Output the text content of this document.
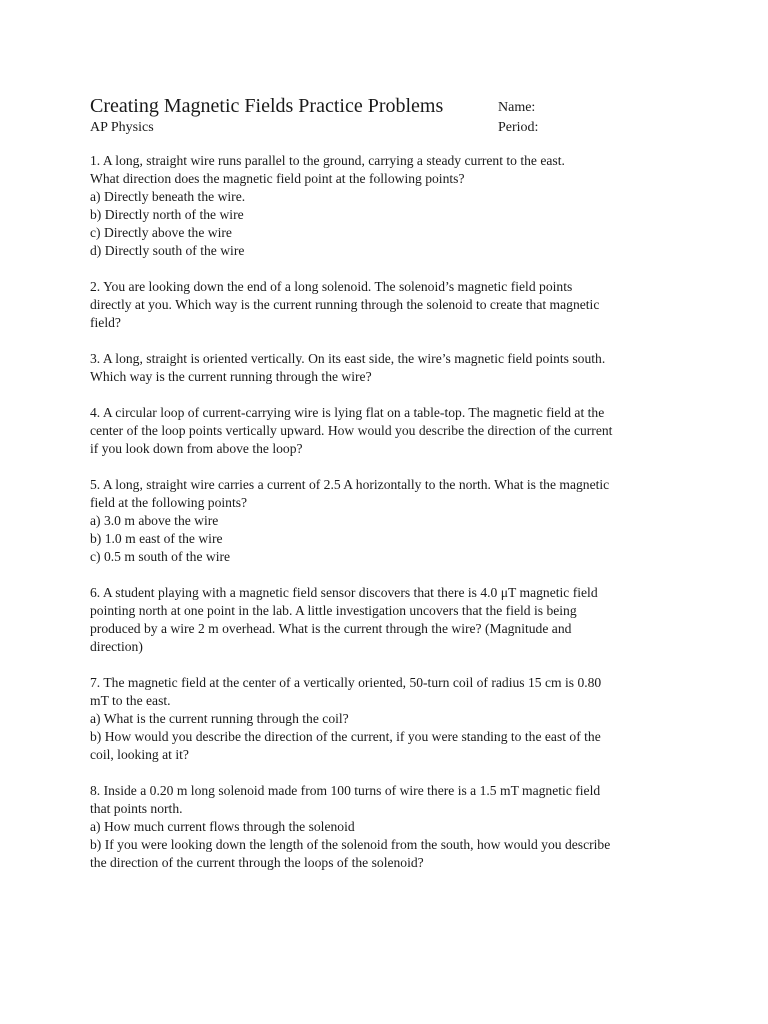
Creating Magnetic Fields Practice Problems
AP Physics
Name:
Period:
1. A long, straight wire runs parallel to the ground, carrying a steady current to the east.
What direction does the magnetic field point at the following points?
a) Directly beneath the wire.
b) Directly north of the wire
c) Directly above the wire
d) Directly south of the wire
2. You are looking down the end of a long solenoid. The solenoid’s magnetic field points
directly at you. Which way is the current running through the solenoid to create that magnetic
field?
3. A long, straight is oriented vertically. On its east side, the wire’s magnetic field points south.
Which way is the current running through the wire?
4. A circular loop of current-carrying wire is lying flat on a table-top. The magnetic field at the
center of the loop points vertically upward. How would you describe the direction of the current
if you look down from above the loop?
5. A long, straight wire carries a current of 2.5 A horizontally to the north. What is the magnetic
field at the following points?
a) 3.0 m above the wire
b) 1.0 m east of the wire
c) 0.5 m south of the wire
6. A student playing with a magnetic field sensor discovers that there is 4.0 μT magnetic field
pointing north at one point in the lab. A little investigation uncovers that the field is being
produced by a wire 2 m overhead. What is the current through the wire? (Magnitude and
direction)
7. The magnetic field at the center of a vertically oriented, 50-turn coil of radius 15 cm is 0.80
mT to the east.
a) What is the current running through the coil?
b) How would you describe the direction of the current, if you were standing to the east of the
coil, looking at it?
8. Inside a 0.20 m long solenoid made from 100 turns of wire there is a 1.5 mT magnetic field
that points north.
a) How much current flows through the solenoid
b) If you were looking down the length of the solenoid from the south, how would you describe
the direction of the current through the loops of the solenoid?
